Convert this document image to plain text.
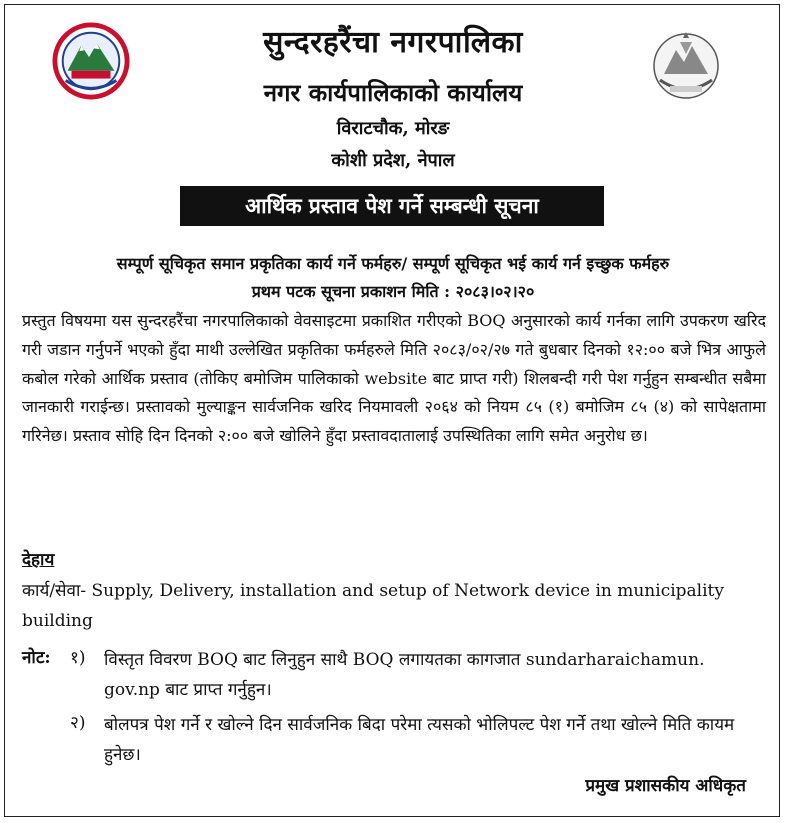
सुन्दरहरैंचा नगरपालिका
नगर कार्यपालिकाको कार्यालय
विराटचौक, मोरङ
कोशी प्रदेश, नेपाल
आर्थिक प्रस्ताव पेश गर्ने सम्बन्धी सूचना
सम्पूर्ण सूचिकृत समान प्रकृतिका कार्य गर्ने फर्महरु/ सम्पूर्ण सूचिकृत भई कार्य गर्न इच्छुक फर्महरु
प्रथम पटक सूचना प्रकाशन मिति : २०८३।०२।२०
प्रस्तुत विषयमा यस सुन्दरहरैंचा नगरपालिकाको वेवसाइटमा प्रकाशित गरीएको BOQ अनुसारको कार्य गर्नका लागि उपकरण खरिद गरी जडान गर्नुपर्ने भएको हुँदा माथी उल्लेखित प्रकृतिका फर्महरुले मिति २०८३/०२/२७ गते बुधबार दिनको १२:०० बजे भित्र आफुले कबोल गरेको आर्थिक प्रस्ताव (तोकिए बमोजिम पालिकाको website बाट प्राप्त गरी) शिलबन्दी गरी पेश गर्नुहुन सम्बन्धीत सबैमा जानकारी गराईन्छ। प्रस्तावको मुल्याङ्कन सार्वजनिक खरिद नियमावली २०६४ को नियम ८५ (१) बमोजिम ८५ (४) को सापेक्षतामा गरिनेछ। प्रस्ताव सोहि दिन दिनको २:०० बजे खोलिने हुँदा प्रस्तावदातालाई उपस्थितिका लागि समेत अनुरोध छ।
देहाय
कार्य/सेवा- Supply, Delivery, installation and setup of Network device in municipality building
नोट: १) विस्तृत विवरण BOQ बाट लिनुहुन साथै BOQ लगायतका कागजात sundarharaichamun. gov.np बाट प्राप्त गर्नुहुन।
२) बोलपत्र पेश गर्ने र खोल्ने दिन सार्वजनिक बिदा परेमा त्यसको भोलिपल्ट पेश गर्ने तथा खोल्ने मिति कायम हुनेछ।
प्रमुख प्रशासकीय अधिकृत
